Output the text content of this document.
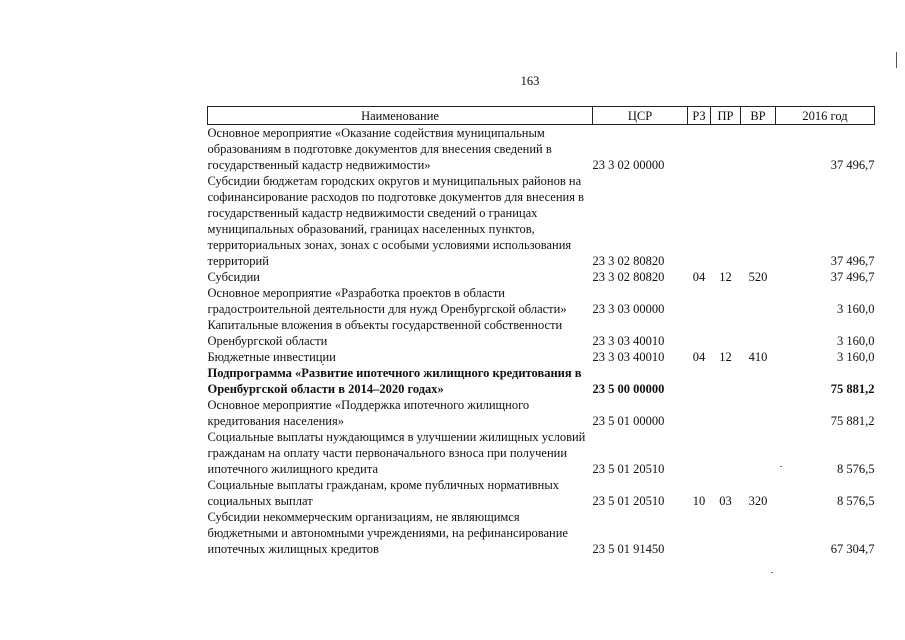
163
Наименование	ЦСР	РЗ	ПР	ВР	2016 год
Основное мероприятие «Оказание содействия муниципальным образованиям в подготовке документов для внесения сведений в государственный кадастр недвижимости»	23 3 02 00000				37 496,7
Субсидии бюджетам городских округов и муниципальных районов на софинансирование расходов по подготовке документов для внесения в государственный кадастр недвижимости сведений о границах муниципальных образований, границах населенных пунктов, территориальных зонах, зонах с особыми условиями использования территорий	23 3 02 80820				37 496,7
Субсидии	23 3 02 80820	04	12	520	37 496,7
Основное мероприятие «Разработка проектов в области градостроительной деятельности для нужд Оренбургской области»	23 3 03 00000				3 160,0
Капитальные вложения в объекты государственной собственности Оренбургской области	23 3 03 40010				3 160,0
Бюджетные инвестиции	23 3 03 40010	04	12	410	3 160,0
Подпрограмма «Развитие ипотечного жилищного кредитования в Оренбургской области в 2014–2020 годах»	23 5 00 00000				75 881,2
Основное мероприятие «Поддержка ипотечного жилищного кредитования населения»	23 5 01 00000				75 881,2
Социальные выплаты нуждающимся в улучшении жилищных условий гражданам на оплату части первоначального взноса при получении ипотечного жилищного кредита	23 5 01 20510				8 576,5
Социальные выплаты гражданам, кроме публичных нормативных социальных выплат	23 5 01 20510	10	03	320	8 576,5
Субсидии некоммерческим организациям, не являющимся бюджетными и автономными учреждениями, на рефинансирование ипотечных жилищных кредитов	23 5 01 91450				67 304,7
